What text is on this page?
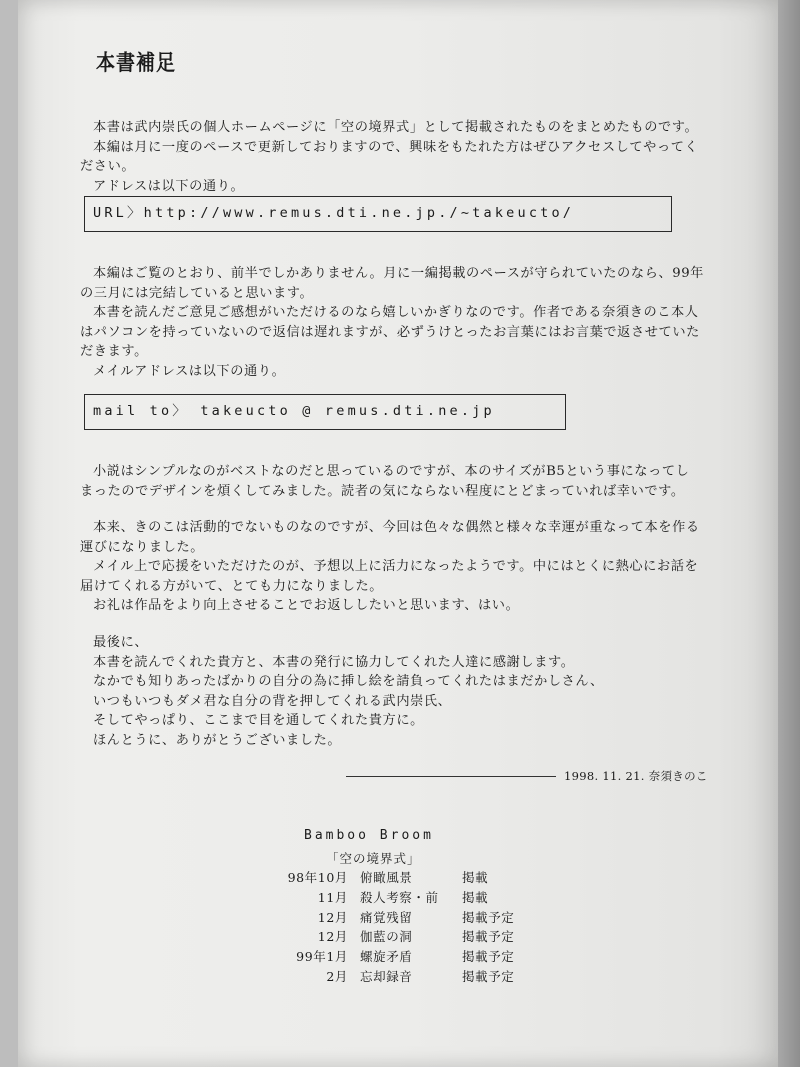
本書補足
本書は武内崇氏の個人ホームページに「空の境界式」として掲載されたものをまとめたものです。
本編は月に一度のペースで更新しておりますので、興味をもたれた方はぜひアクセスしてやってく
ださい。
アドレスは以下の通り。
URL〉http://www.remus.dti.ne.jp./~takeucto/
本編はご覧のとおり、前半でしかありません。月に一編掲載のペースが守られていたのなら、99年
の三月には完結していると思います。
本書を読んだご意見ご感想がいただけるのなら嬉しいかぎりなのです。作者である奈須きのこ本人
はパソコンを持っていないので返信は遅れますが、必ずうけとったお言葉にはお言葉で返させていた
だきます。
メイルアドレスは以下の通り。
mail to〉 takeucto @ remus.dti.ne.jp
小説はシンプルなのがベストなのだと思っているのですが、本のサイズがB5という事になってし
まったのでデザインを煩くしてみました。読者の気にならない程度にとどまっていれば幸いです。
本来、きのこは活動的でないものなのですが、今回は色々な偶然と様々な幸運が重なって本を作る
運びになりました。
メイル上で応援をいただけたのが、予想以上に活力になったようです。中にはとくに熱心にお話を
届けてくれる方がいて、とても力になりました。
お礼は作品をより向上させることでお返ししたいと思います、はい。
最後に、
本書を読んでくれた貴方と、本書の発行に協力してくれた人達に感謝します。
なかでも知りあったばかりの自分の為に挿し絵を請負ってくれたはまだかしさん、
いつもいつもダメ君な自分の背を押してくれる武内崇氏、
そしてやっぱり、ここまで目を通してくれた貴方に。
ほんとうに、ありがとうございました。
1998. 11. 21. 奈須きのこ
Bamboo Broom
「空の境界式」
98年10月 俯瞰風景	掲載
11月 殺人考察・前 掲載
12月 痛覚残留	掲載予定
12月 伽藍の洞	掲載予定
99年1月 螺旋矛盾	掲載予定
2月 忘却録音	掲載予定
